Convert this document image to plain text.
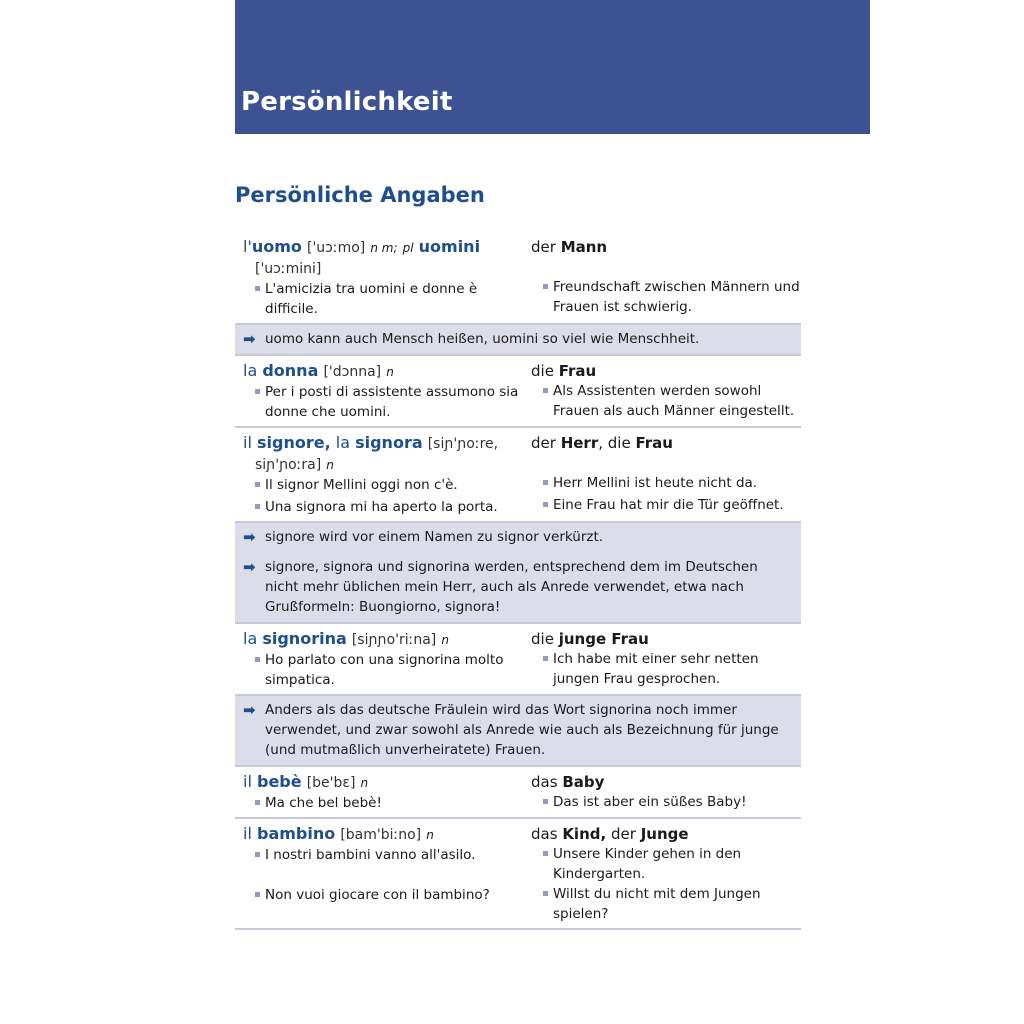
Persönlichkeit
Persönliche Angaben
l'uomo ['uɔːmo] n m; pl uomini
['uɔːmini]
L'amicizia tra uomini e donne è difficile.
der Mann
Freundschaft zwischen Männern und Frauen ist schwierig.
➡ uomo kann auch Mensch heißen, uomini so viel wie Menschheit.
la donna ['dɔnna] n
Per i posti di assistente assumono sia donne che uomini.
die Frau
Als Assistenten werden sowohl Frauen als auch Männer eingestellt.
il signore, la signora [siɲ'ɲoːre,
siɲ'ɲoːra] n
Il signor Mellini oggi non c'è.
Una signora mi ha aperto la porta.
der Herr, die Frau
Herr Mellini ist heute nicht da.
Eine Frau hat mir die Tür geöffnet.
➡ signore wird vor einem Namen zu signor verkürzt.
➡ signore, signora und signorina werden, entsprechend dem im Deutschen nicht mehr üblichen mein Herr, auch als Anrede verwendet, etwa nach Grußformeln: Buongiorno, signora!
la signorina [siɲɲo'riːna] n
Ho parlato con una signorina molto simpatica.
die junge Frau
Ich habe mit einer sehr netten jungen Frau gesprochen.
➡ Anders als das deutsche Fräulein wird das Wort signorina noch immer verwendet, und zwar sowohl als Anrede wie auch als Bezeichnung für junge (und mutmaßlich unverheiratete) Frauen.
il bebè [be'bɛ] n
Ma che bel bebè!
das Baby
Das ist aber ein süßes Baby!
il bambino [bam'biːno] n
I nostri bambini vanno all'asilo.
Non vuoi giocare con il bambino?
das Kind, der Junge
Unsere Kinder gehen in den Kindergarten.
Willst du nicht mit dem Jungen spielen?
